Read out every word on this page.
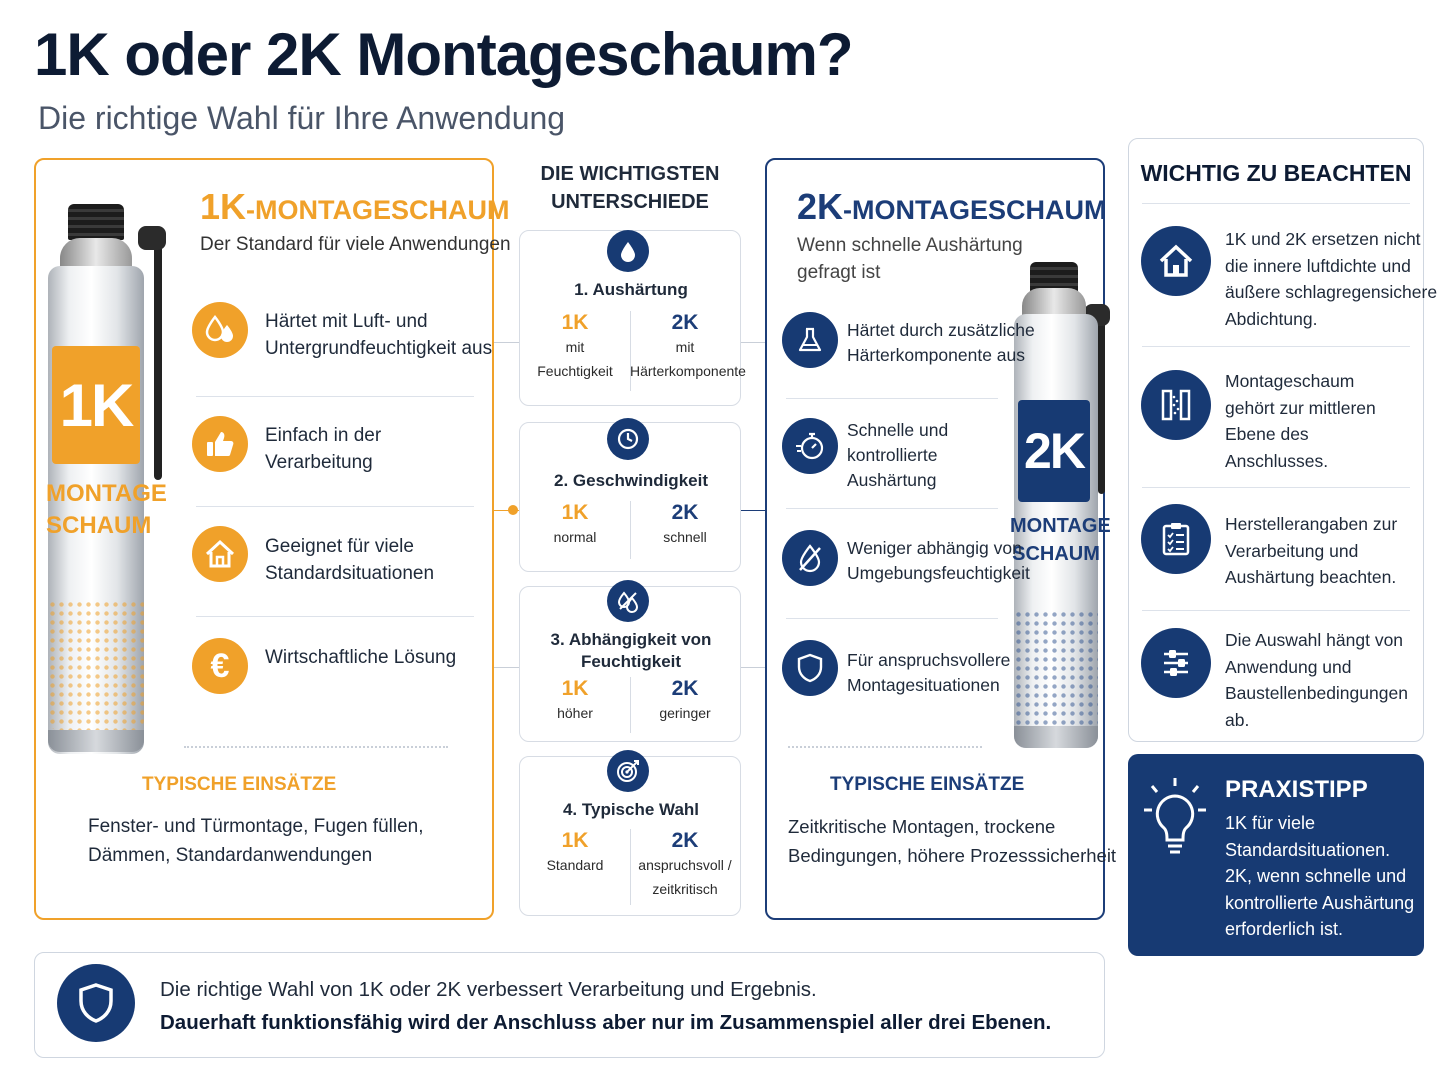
1K oder 2K Montageschaum?
Die richtige Wahl für Ihre Anwendung
1K
MONTAGE
SCHAUM
1K-MONTAGESCHAUM
Der Standard für viele Anwendungen
Härtet mit Luft- und
Untergrundfeuchtigkeit aus
Einfach in der
Verarbeitung
Geeignet für viele
Standardsituationen
€ Wirtschaftliche Lösung
TYPISCHE EINSÄTZE
Fenster- und Türmontage, Fugen füllen,
Dämmen, Standardanwendungen
DIE WICHTIGSTEN
UNTERSCHIEDE
1. Aushärtung
1K
mit
Feuchtigkeit
2K
mit
Härterkomponente
2. Geschwindigkeit
1K
normal
2K
schnell
3. Abhängigkeit von
Feuchtigkeit
1K
höher
2K
geringer
4. Typische Wahl
1K
Standard
2K
anspruchsvoll /
zeitkritisch
2K-MONTAGESCHAUM
Wenn schnelle Aushärtung
gefragt ist
2K
MONTAGE
SCHAUM
Härtet durch zusätzliche
Härterkomponente aus
Schnelle und
kontrollierte
Aushärtung
Weniger abhängig von
Umgebungsfeuchtigkeit
Für anspruchsvollere
Montagesituationen
TYPISCHE EINSÄTZE
Zeitkritische Montagen, trockene
Bedingungen, höhere Prozesssicherheit
WICHTIG ZU BEACHTEN
1K und 2K ersetzen nicht
die innere luftdichte und
äußere schlagregensichere
Abdichtung.
Montageschaum
gehört zur mittleren
Ebene des
Anschlusses.
Herstellerangaben zur
Verarbeitung und
Aushärtung beachten.
Die Auswahl hängt von
Anwendung und
Baustellenbedingungen
ab.
PRAXISTIPP
1K für viele
Standardsituationen.
2K, wenn schnelle und
kontrollierte Aushärtung
erforderlich ist.
Die richtige Wahl von 1K oder 2K verbessert Verarbeitung und Ergebnis.
Dauerhaft funktionsfähig wird der Anschluss aber nur im Zusammenspiel aller drei Ebenen.
